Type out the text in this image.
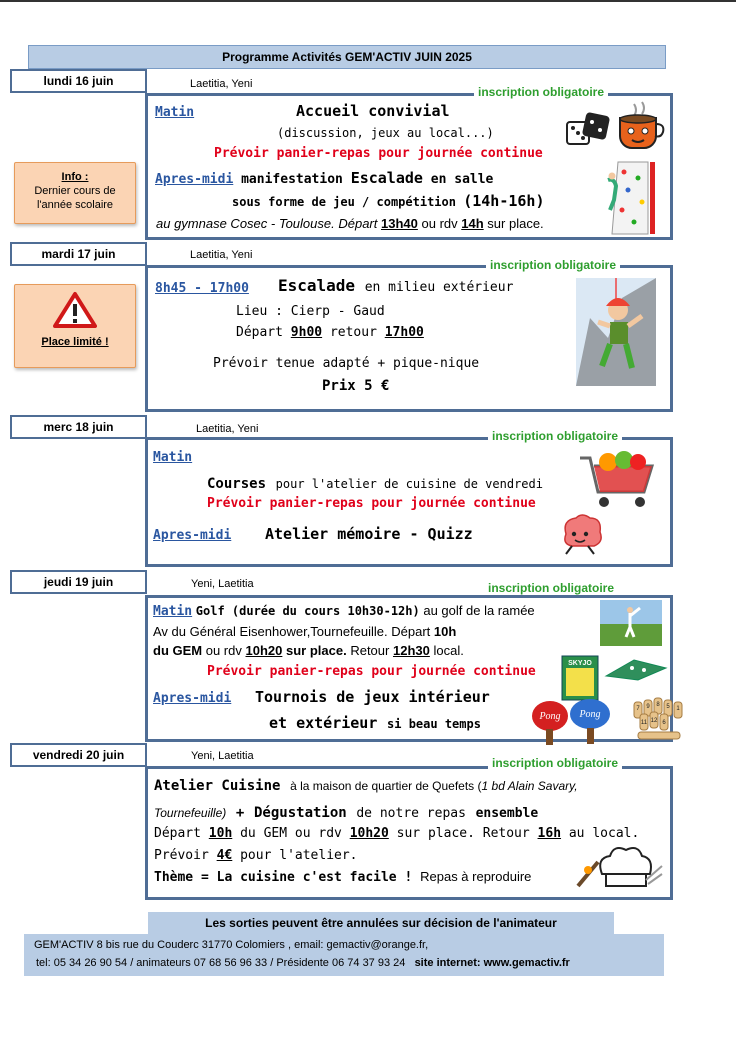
Programme Activités GEM'ACTIV JUIN 2025
lundi 16 juin	Laetitia, Yeni
inscription obligatoire
Matin	Accueil convivial
(discussion, jeux au local...)
Prévoir panier-repas pour journée continue
Apres-midi manifestation Escalade en salle
sous forme de jeu / compétition (14h-16h)
au gymnase Cosec - Toulouse. Départ 13h40 ou rdv 14h sur place.
Info :
Dernier cours de
l'année scolaire
mardi 17 juin	Laetitia, Yeni
inscription obligatoire
8h45 - 17h00 Escalade en milieu extérieur
Lieu : Cierp - Gaud
Départ 9h00 retour 17h00
Prévoir tenue adapté + pique-nique
Prix 5 €
Place limité !
merc 18 juin	Laetitia, Yeni	inscription obligatoire
Matin
Courses pour l'atelier de cuisine de vendredi
Prévoir panier-repas pour journée continue
Apres-midi Atelier mémoire - Quizz
jeudi 19 juin	Yeni, Laetitia	inscription obligatoire
Matin Golf (durée du cours 10h30-12h) au golf de la ramée
Av du Général Eisenhower,Tournefeuille. Départ 10h
du GEM ou rdv 10h20 sur place. Retour 12h30 local.
Prévoir panier-repas pour journée continue
Apres-midi Tournois de jeux intérieur
et extérieur si beau temps
SKYJO
Pong Pong	7 9 8 5 1
11 12 6
vendredi 20 juin	Yeni, Laetitia	inscription obligatoire
Atelier Cuisine à la maison de quartier de Quefets (1 bd Alain Savary,
Tournefeuille) + Dégustation de notre repas ensemble
Départ 10h du GEM ou rdv 10h20 sur place. Retour 16h au local.
Prévoir 4€ pour l'atelier.
Thème = La cuisine c'est facile ! Repas à reproduire
Les sorties peuvent être annulées sur décision de l'animateur
GEM'ACTIV 8 bis rue du Couderc 31770 Colomiers , email: gemactiv@orange.fr,
tel: 05 34 26 90 54 / animateurs 07 68 56 96 33 / Présidente 06 74 37 93 24 site internet: www.gemactiv.fr
